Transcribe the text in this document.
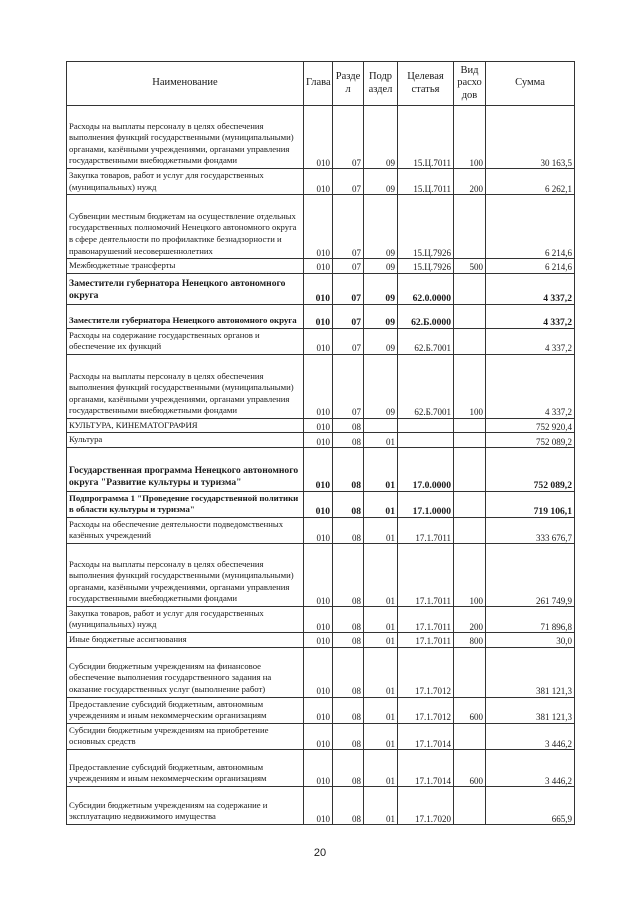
Наименование	Глава	Разде л	Подр аздел	Целевая статья	Вид расхо дов	Сумма
Расходы на выплаты персоналу в целях обеспечения выполнения функций государственными (муниципальными) органами, казёнными учреждениями, органами управления государственными внебюджетными фондами	010	07	09	15.Ц.7011	100	30 163,5
Закупка товаров, работ и услуг для государственных (муниципальных) нужд	010	07	09	15.Ц.7011	200	6 262,1
Субвенции местным бюджетам на осуществление отдельных государственных полномочий Ненецкого автономного округа в сфере деятельности по профилактике безнадзорности и правонарушений несовершеннолетних	010	07	09	15.Ц.7926		6 214,6
Межбюджетные трансферты	010	07	09	15.Ц.7926	500	6 214,6
Заместители губернатора Ненецкого автономного округа	010	07	09	62.0.0000		4 337,2
Заместители губернатора Ненецкого автономного округа	010	07	09	62.Б.0000		4 337,2
Расходы на содержание государственных органов и обеспечение их функций	010	07	09	62.Б.7001		4 337,2
Расходы на выплаты персоналу в целях обеспечения выполнения функций государственными (муниципальными) органами, казёнными учреждениями, органами управления государственными внебюджетными фондами	010	07	09	62.Б.7001	100	4 337,2
КУЛЬТУРА, КИНЕМАТОГРАФИЯ	010	08				752 920,4
Культура	010	08	01			752 089,2
Государственная программа Ненецкого автономного округа "Развитие культуры и туризма"	010	08	01	17.0.0000		752 089,2
Подпрограмма 1 "Проведение государственной политики в области культуры и туризма"	010	08	01	17.1.0000		719 106,1
Расходы на обеспечение деятельности подведомственных казённых учреждений	010	08	01	17.1.7011		333 676,7
Расходы на выплаты персоналу в целях обеспечения выполнения функций государственными (муниципальными) органами, казёнными учреждениями, органами управления государственными внебюджетными фондами	010	08	01	17.1.7011	100	261 749,9
Закупка товаров, работ и услуг для государственных (муниципальных) нужд	010	08	01	17.1.7011	200	71 896,8
Иные бюджетные ассигнования	010	08	01	17.1.7011	800	30,0
Субсидии бюджетным учреждениям на финансовое обеспечение выполнения государственного задания на оказание государственных услуг (выполнение работ)	010	08	01	17.1.7012		381 121,3
Предоставление субсидий бюджетным, автономным учреждениям и иным некоммерческим организациям	010	08	01	17.1.7012	600	381 121,3
Субсидии бюджетным учреждениям на приобретение основных средств	010	08	01	17.1.7014		3 446,2
Предоставление субсидий бюджетным, автономным учреждениям и иным некоммерческим организациям	010	08	01	17.1.7014	600	3 446,2
Субсидии бюджетным учреждениям на содержание и эксплуатацию недвижимого имущества	010	08	01	17.1.7020		665,9
20
